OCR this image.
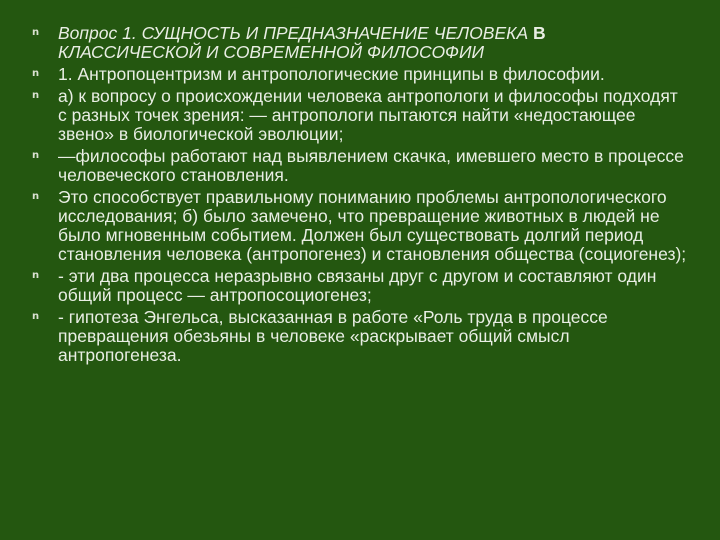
n Вопрос 1. СУЩНОСТЬ И ПРЕДНАЗНАЧЕНИЕ ЧЕЛОВЕКА В
КЛАССИЧЕСКОЙ И СОВРЕМЕННОЙ ФИЛОСОФИИ
n 1. Антропоцентризм и антропологические принципы в философии.
n а) к вопросу о происхождении человека антропологи и философы подходят с разных точек зрения: — антропологи пытаются найти «недостающее звено» в биологической эволюции;
n —философы работают над выявлением скачка, имевшего место в процессе человеческого становления.
n Это способствует правильному пониманию проблемы антропологического исследования; б) было замечено, что превращение животных в людей не было мгновенным событием. Должен был существовать долгий период становления человека (антропогенез) и становления общества (социогенез);
n - эти два процесса неразрывно связаны друг с другом и составляют один общий процесс — антропосоциогенез;
n - гипотеза Энгельса, высказанная в работе «Роль труда в процессе превращения обезьяны в человеке «раскрывает общий смысл антропогенеза.
